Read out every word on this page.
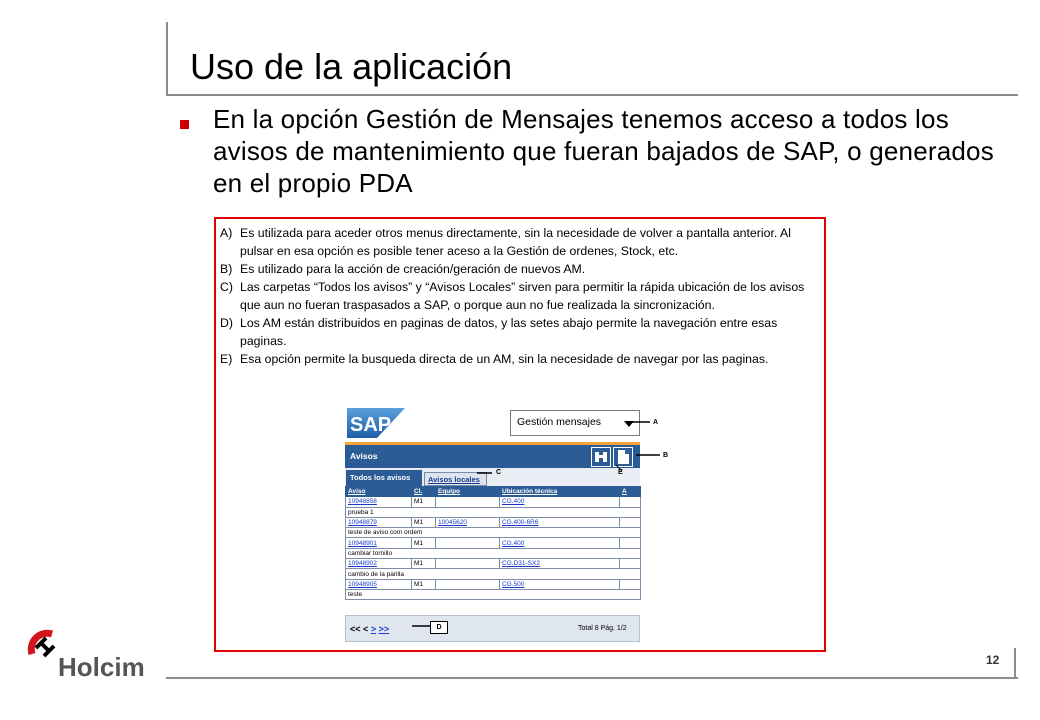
Uso de la aplicación
En la opción Gestión de Mensajes tenemos acceso a todos los avisos de mantenimiento que fueran bajados de SAP, o generados en el propio PDA
A) Es utilizada para aceder otros menus directamente, sin la necesidade de volver a pantalla anterior. Al pulsar en esa opción es posible tener aceso a la Gestión de ordenes, Stock, etc.
B) Es utilizado para la acción de creación/geración de nuevos AM.
C) Las carpetas “Todos los avisos” y “Avisos Locales” sirven para permitir la rápida ubicación de los avisos que aun no fueran traspasados a SAP, o porque aun no fue realizada la sincronización.
D) Los AM están distribuidos en paginas de datos, y las setes abajo permite la navegación entre esas paginas.
E) Esa opción permite la busqueda directa de un AM, sin la necesidade de navegar por las paginas.
SAP	Gestión mensajes
Avisos
Todos los avisos	Avisos locales
Aviso	Cl.	Equipo	Ubicación técnica	A
10948858	M1		CG.400	
prueba 1				
10948879	M1	10045620	CG.400-6R6	
teste de aviso com ordem				
10948901	M1		CG.400	
cambiar tornillo				
10948902	M1		CG.D31-SX2	
cambio de la parilla				
10948905	M1		CG.500	
teste				
<< < > >>	Total 8 Pág. 1/2
A
B
C	E
D
Holcim	12
